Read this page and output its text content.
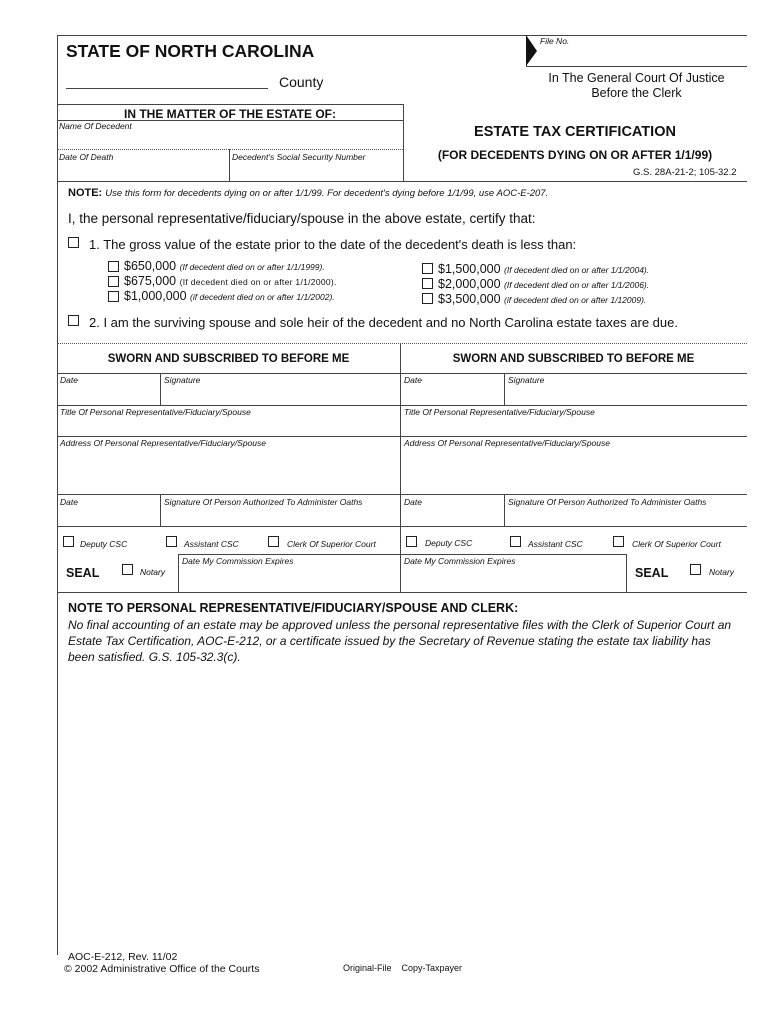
File No.
STATE OF NORTH CAROLINA
County	In The General Court Of Justice
Before the Clerk
IN THE MATTER OF THE ESTATE OF:
Name Of Decedent
Date Of Death	Decedent's Social Security Number
ESTATE TAX CERTIFICATION
(FOR DECEDENTS DYING ON OR AFTER 1/1/99)
G.S. 28A-21-2; 105-32.2
NOTE: Use this form for decedents dying on or after 1/1/99. For decedent's dying before 1/1/99, use AOC-E-207.
I, the personal representative/fiduciary/spouse in the above estate, certify that:
1. The gross value of the estate prior to the date of the decedent's death is less than:
$650,000 (If decedent died on or after 1/1/1999).
$675,000 (If decedent died on or after 1/1/2000).
$1,000,000 (if decedent died on or after 1/1/2002).
$1,500,000 (If decedent died on or after 1/1/2004).
$2,000,000 (If decedent died on or after 1/1/2006).
$3,500,000 (if decedent died on or after 1/12009).
2. I am the surviving spouse and sole heir of the decedent and no North Carolina estate taxes are due.
SWORN AND SUBSCRIBED TO BEFORE ME	SWORN AND SUBSCRIBED TO BEFORE ME
Date	Signature	Date	Signature
Title Of Personal Representative/Fiduciary/Spouse	Title Of Personal Representative/Fiduciary/Spouse
Address Of Personal Representative/Fiduciary/Spouse	Address Of Personal Representative/Fiduciary/Spouse
Date	Signature Of Person Authorized To Administer Oaths	Date	Signature Of Person Authorized To Administer Oaths
Deputy CSC	Assistant CSC	Clerk Of Superior Court	Deputy CSC	Assistant CSC	Clerk Of Superior Court
Date My Commission Expires	Date My Commission Expires
SEAL	Notary	SEAL	Notary
NOTE TO PERSONAL REPRESENTATIVE/FIDUCIARY/SPOUSE AND CLERK:
No final accounting of an estate may be approved unless the personal representative files with the Clerk of Superior Court an Estate Tax Certification, AOC-E-212, or a certificate issued by the Secretary of Revenue stating the estate tax liability has been satisfied. G.S. 105-32.3(c).
AOC-E-212, Rev. 11/02
© 2002 Administrative Office of the Courts	Original-File    Copy-Taxpayer
